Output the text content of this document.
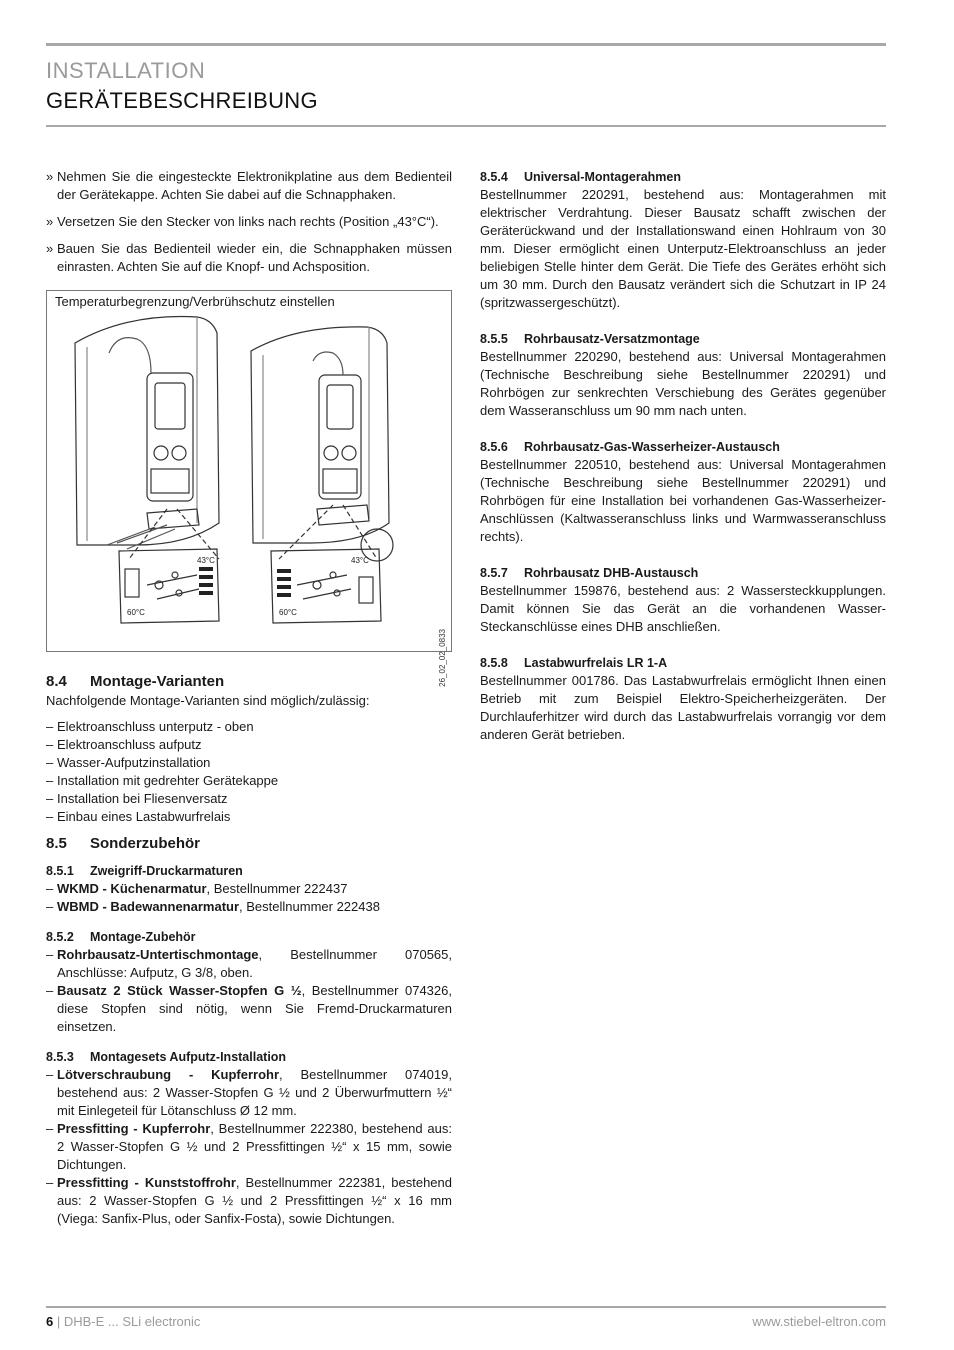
INSTALLATION
GERÄTEBESCHREIBUNG
» Nehmen Sie die eingesteckte Elektronikplatine aus dem Bedienteil der Gerätekappe. Achten Sie dabei auf die Schnapphaken.
» Versetzen Sie den Stecker von links nach rechts (Position „43°C“).
» Bauen Sie das Bedienteil wieder ein, die Schnapphaken müssen einrasten. Achten Sie auf die Knopf- und Achsposition.
Temperaturbegrenzung/Verbrühschutz einstellen
43°C
60°C
43°C
60°C
26_02_02_0833
8.4 Montage-Varianten
Nachfolgende Montage-Varianten sind möglich/zulässig:
– Elektroanschluss unterputz - oben
– Elektroanschluss aufputz
– Wasser-Aufputzinstallation
– Installation mit gedrehter Gerätekappe
– Installation bei Fliesenversatz
– Einbau eines Lastabwurfrelais
8.5 Sonderzubehör
8.5.1 Zweigriff-Druckarmaturen
– WKMD - Küchenarmatur, Bestellnummer 222437
– WBMD - Badewannenarmatur, Bestellnummer 222438
8.5.2 Montage-Zubehör
– Rohrbausatz-Untertischmontage, Bestellnummer 070565, Anschlüsse: Aufputz, G 3/8, oben.
– Bausatz 2 Stück Wasser-Stopfen G ½, Bestellnummer 074326, diese Stopfen sind nötig, wenn Sie Fremd-Druckarmaturen einsetzen.
8.5.3 Montagesets Aufputz-Installation
– Lötverschraubung - Kupferrohr, Bestellnummer 074019, bestehend aus: 2 Wasser-Stopfen G ½ und 2 Überwurfmuttern ½“ mit Einlegeteil für Lötanschluss Ø 12 mm.
– Pressfitting - Kupferrohr, Bestellnummer 222380, bestehend aus: 2 Wasser-Stopfen G ½ und 2 Pressfittingen ½“ x 15 mm, sowie Dichtungen.
– Pressfitting - Kunststoffrohr, Bestellnummer 222381, bestehend aus: 2 Wasser-Stopfen G ½ und 2 Pressfittingen ½“ x 16 mm (Viega: Sanfix-Plus, oder Sanfix-Fosta), sowie Dichtungen.
8.5.4 Universal-Montagerahmen
Bestellnummer 220291, bestehend aus: Montagerahmen mit elektrischer Verdrahtung. Dieser Bausatz schafft zwischen der Geräterückwand und der Installationswand einen Hohlraum von 30 mm. Dieser ermöglicht einen Unterputz-Elektroanschluss an jeder beliebigen Stelle hinter dem Gerät. Die Tiefe des Gerätes erhöht sich um 30 mm. Durch den Bausatz verändert sich die Schutzart in IP 24 (spritzwassergeschützt).
8.5.5 Rohrbausatz-Versatzmontage
Bestellnummer 220290, bestehend aus: Universal Montagerahmen (Technische Beschreibung siehe Bestellnummer 220291) und Rohrbögen zur senkrechten Verschiebung des Gerätes gegenüber dem Wasseranschluss um 90 mm nach unten.
8.5.6 Rohrbausatz-Gas-Wasserheizer-Austausch
Bestellnummer 220510, bestehend aus: Universal Montagerahmen (Technische Beschreibung siehe Bestellnummer 220291) und Rohrbögen für eine Installation bei vorhandenen Gas-Wasserheizer-Anschlüssen (Kaltwasseranschluss links und Warmwasseranschluss rechts).
8.5.7 Rohrbausatz DHB-Austausch
Bestellnummer 159876, bestehend aus: 2 Wassersteckkupplungen. Damit können Sie das Gerät an die vorhandenen Wasser-Steckanschlüsse eines DHB anschließen.
8.5.8 Lastabwurfrelais LR 1-A
Bestellnummer 001786. Das Lastabwurfrelais ermöglicht Ihnen einen Betrieb mit zum Beispiel Elektro-Speicherheizgeräten. Der Durchlauferhitzer wird durch das Lastabwurfrelais vorrangig vor dem anderen Gerät betrieben.
6 | DHB-E ... SLi electronic	www.stiebel-eltron.com
